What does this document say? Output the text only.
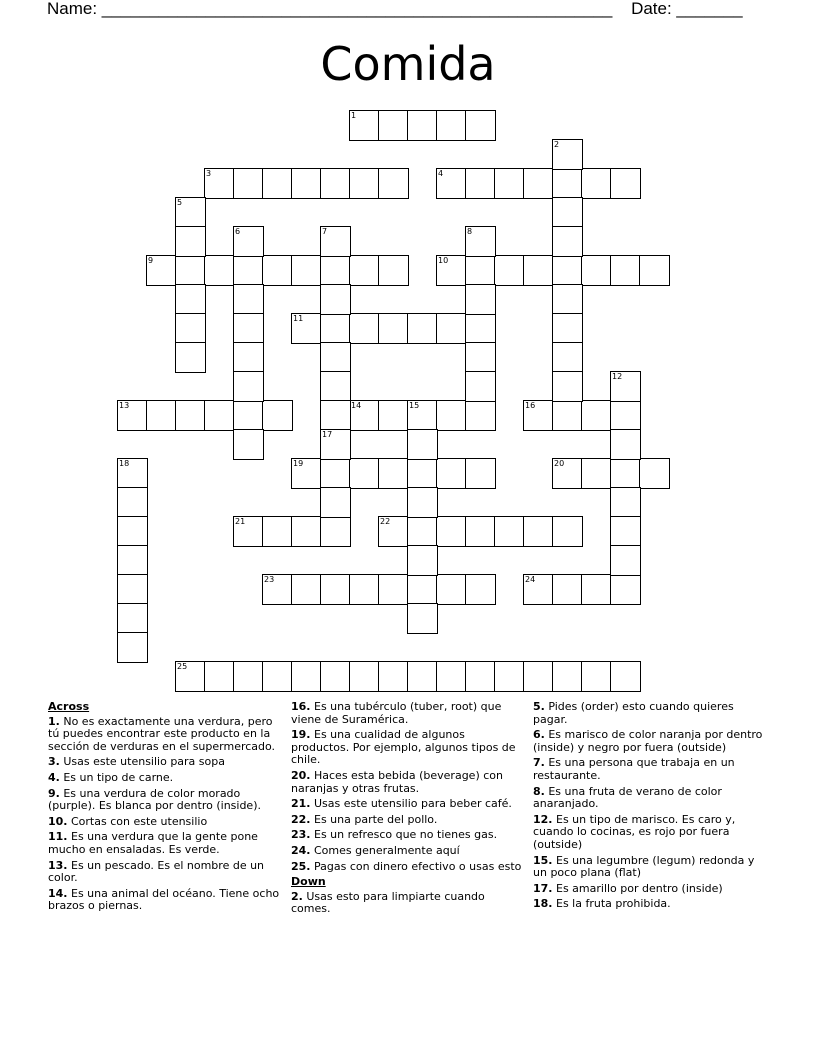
Name: ______________________________________________________ Date: _______
Comida
1
2
3	4
5
6	7	8
9	10
11
12
13	14	15	16
17
18	19	20
21	22
23	24
25
Across
1. No es exactamente una verdura, pero tú puedes encontrar este producto en la sección de verduras en el supermercado.
3. Usas este utensilio para sopa
4. Es un tipo de carne.
9. Es una verdura de color morado (purple). Es blanca por dentro (inside).
10. Cortas con este utensilio
11. Es una verdura que la gente pone mucho en ensaladas. Es verde.
13. Es un pescado. Es el nombre de un color.
14. Es una animal del océano. Tiene ocho brazos o piernas.
16. Es una tubérculo (tuber, root) que viene de Suramérica.
19. Es una cualidad de algunos productos. Por ejemplo, algunos tipos de chile.
20. Haces esta bebida (beverage) con naranjas y otras frutas.
21. Usas este utensilio para beber café.
22. Es una parte del pollo.
23. Es un refresco que no tienes gas.
24. Comes generalmente aquí
25. Pagas con dinero efectivo o usas esto
Down
2. Usas esto para limpiarte cuando comes.
5. Pides (order) esto cuando quieres pagar.
6. Es marisco de color naranja por dentro (inside) y negro por fuera (outside)
7. Es una persona que trabaja en un restaurante.
8. Es una fruta de verano de color anaranjado.
12. Es un tipo de marisco. Es caro y, cuando lo cocinas, es rojo por fuera (outside)
15. Es una legumbre (legum) redonda y un poco plana (flat)
17. Es amarillo por dentro (inside)
18. Es la fruta prohibida.
